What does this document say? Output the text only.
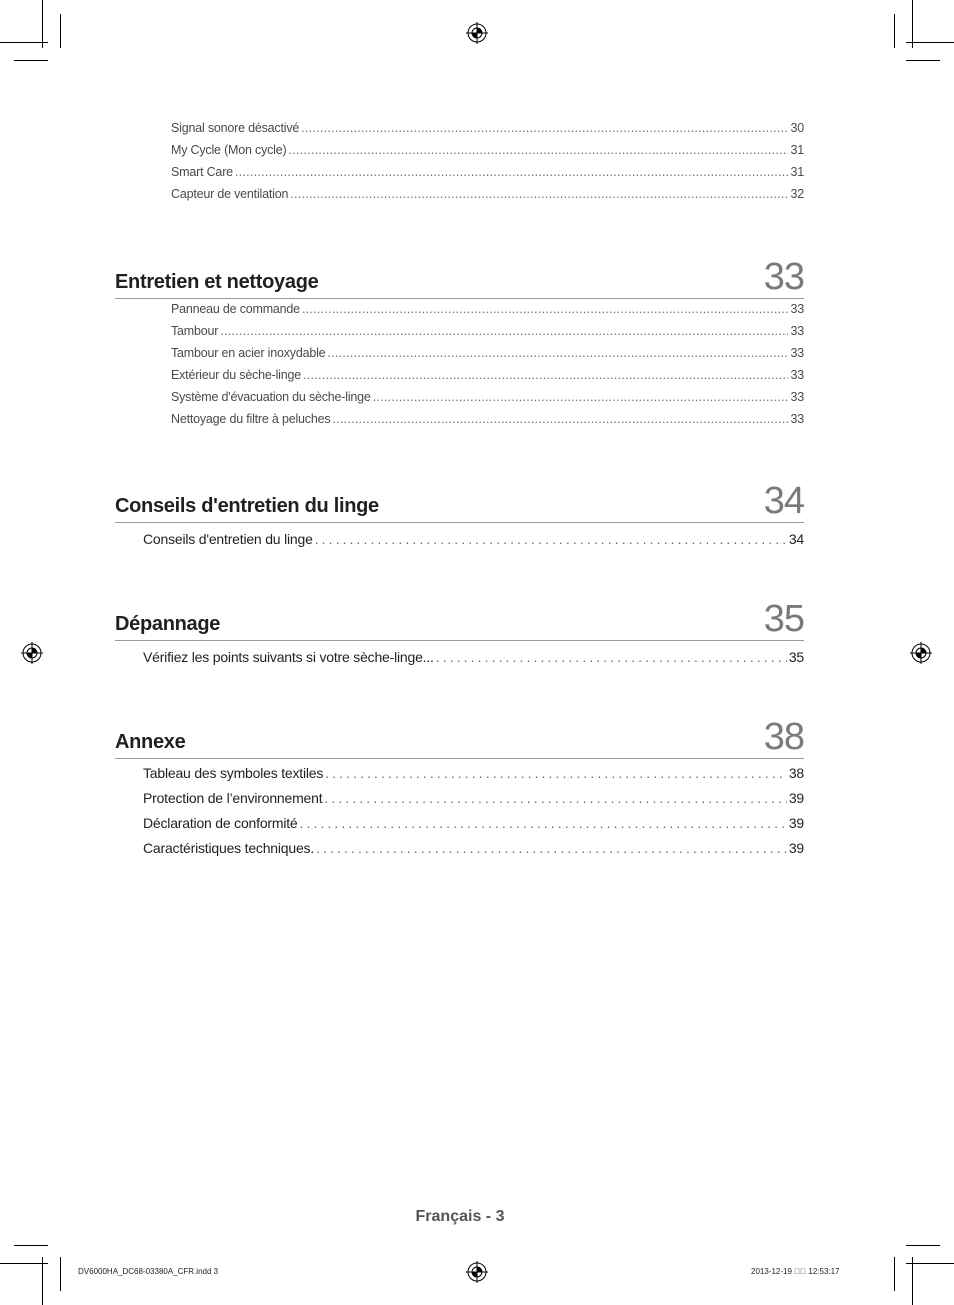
Signal sonore désactivé . . .	30
My Cycle (Mon cycle) . . .	31
Smart Care . . .	31
Capteur de ventilation . . .	32
Entretien et nettoyage	33
Panneau de commande . . .	33
Tambour . . .	33
Tambour en acier inoxydable . . .	33
Extérieur du sèche-linge . . .	33
Système d'évacuation du sèche-linge . . .	33
Nettoyage du filtre à peluches . . .	33
Conseils d'entretien du linge	34
Conseils d'entretien du linge . . .	34
Dépannage	35
Vérifiez les points suivants si votre sèche-linge... . . .	35
Annexe	38
Tableau des symboles textiles . . .	38
Protection de l’environnement . . .	39
Déclaration de conformité . . .	39
Caractéristiques techniques. . . .	39
Français - 3
DV6000HA_DC68-03380A_CFR.indd 3	2013-12-19 ￿￿ 12:53:17
